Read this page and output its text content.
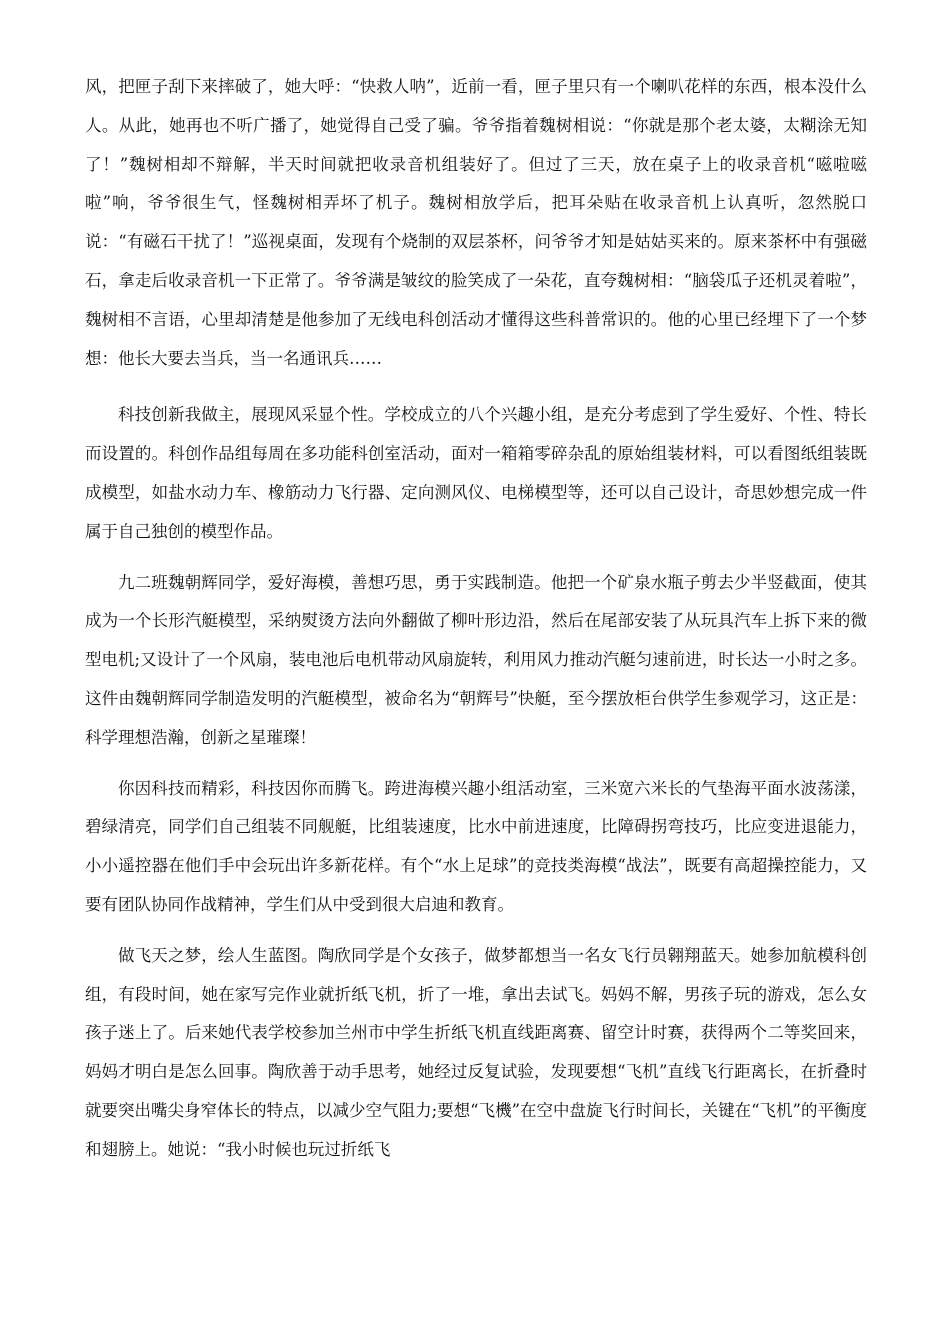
风，把匣子刮下来摔破了，她大呼：“快救人呐”，近前一看，匣子里只有一个喇叭花样的东西，根本没什么人。从此，她再也不听广播了，她觉得自己受了骗。爷爷指着魏树相说：“你就是那个老太婆，太糊涂无知了！”魏树相却不辩解，半天时间就把收录音机组装好了。但过了三天，放在桌子上的收录音机“嗞啦嗞啦”响，爷爷很生气，怪魏树相弄坏了机子。魏树相放学后，把耳朵贴在收录音机上认真听，忽然脱口说：“有磁石干扰了！”巡视桌面，发现有个烧制的双层茶杯，问爷爷才知是姑姑买来的。原来茶杯中有强磁石，拿走后收录音机一下正常了。爷爷满是皱纹的脸笑成了一朵花，直夸魏树相：“脑袋瓜子还机灵着啦”，魏树相不言语，心里却清楚是他参加了无线电科创活动才懂得这些科普常识的。他的心里已经埋下了一个梦想：他长大要去当兵，当一名通讯兵……

科技创新我做主，展现风采显个性。学校成立的八个兴趣小组，是充分考虑到了学生爱好、个性、特长而设置的。科创作品组每周在多功能科创室活动，面对一箱箱零碎杂乱的原始组装材料，可以看图纸组装既成模型，如盐水动力车、橡筋动力飞行器、定向测风仪、电梯模型等，还可以自己设计，奇思妙想完成一件属于自己独创的模型作品。

九二班魏朝辉同学，爱好海模，善想巧思，勇于实践制造。他把一个矿泉水瓶子剪去少半竖截面，使其成为一个长形汽艇模型，采纳熨烫方法向外翻做了柳叶形边沿，然后在尾部安装了从玩具汽车上拆下来的微型电机;又设计了一个风扇，装电池后电机带动风扇旋转，利用风力推动汽艇匀速前进，时长达一小时之多。这件由魏朝辉同学制造发明的汽艇模型，被命名为“朝辉号”快艇，至今摆放柜台供学生参观学习，这正是：科学理想浩瀚，创新之星璀璨！

你因科技而精彩，科技因你而腾飞。跨进海模兴趣小组活动室，三米宽六米长的气垫海平面水波荡漾，碧绿清亮，同学们自己组装不同舰艇，比组装速度，比水中前进速度，比障碍拐弯技巧，比应变进退能力，小小遥控器在他们手中会玩出许多新花样。有个“水上足球”的竞技类海模“战法”，既要有高超操控能力，又要有团队协同作战精神，学生们从中受到很大启迪和教育。

做飞天之梦，绘人生蓝图。陶欣同学是个女孩子，做梦都想当一名女飞行员翱翔蓝天。她参加航模科创组，有段时间，她在家写完作业就折纸飞机，折了一堆，拿出去试飞。妈妈不解，男孩子玩的游戏，怎么女孩子迷上了。后来她代表学校参加兰州市中学生折纸飞机直线距离赛、留空计时赛，获得两个二等奖回来，妈妈才明白是怎么回事。陶欣善于动手思考，她经过反复试验，发现要想“飞机”直线飞行距离长，在折叠时就要突出嘴尖身窄体长的特点，以减少空气阻力;要想“飞機”在空中盘旋飞行时间长，关键在“飞机”的平衡度和翅膀上。她说：“我小时候也玩过折纸飞
